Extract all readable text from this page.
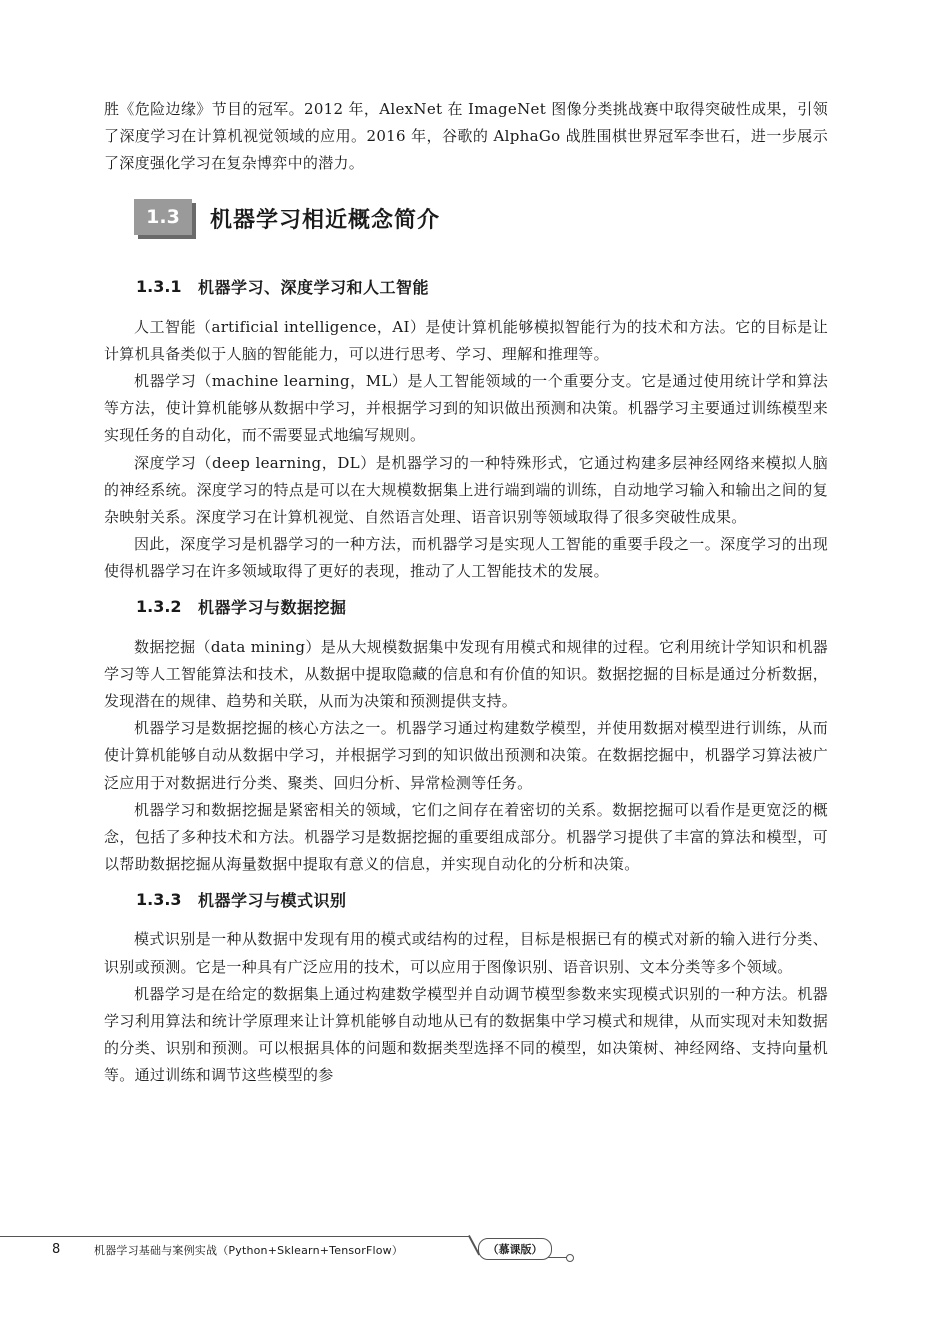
胜《危险边缘》节目的冠军。2012 年，AlexNet 在 ImageNet 图像分类挑战赛中取得突破性成果，引领了深度学习在计算机视觉领域的应用。2016 年，谷歌的 AlphaGo 战胜围棋世界冠军李世石，进一步展示了深度强化学习在复杂博弈中的潜力。

1.3	机器学习相近概念简介
1.3.1	机器学习、深度学习和人工智能

人工智能（artificial intelligence，AI）是使计算机能够模拟智能行为的技术和方法。它的目标是让计算机具备类似于人脑的智能能力，可以进行思考、学习、理解和推理等。

机器学习（machine learning，ML）是人工智能领域的一个重要分支。它是通过使用统计学和算法等方法，使计算机能够从数据中学习，并根据学习到的知识做出预测和决策。机器学习主要通过训练模型来实现任务的自动化，而不需要显式地编写规则。

深度学习（deep learning，DL）是机器学习的一种特殊形式，它通过构建多层神经网络来模拟人脑的神经系统。深度学习的特点是可以在大规模数据集上进行端到端的训练，自动地学习输入和输出之间的复杂映射关系。深度学习在计算机视觉、自然语言处理、语音识别等领域取得了很多突破性成果。

因此，深度学习是机器学习的一种方法，而机器学习是实现人工智能的重要手段之一。深度学习的出现使得机器学习在许多领域取得了更好的表现，推动了人工智能技术的发展。

1.3.2	机器学习与数据挖掘

数据挖掘（data mining）是从大规模数据集中发现有用模式和规律的过程。它利用统计学知识和机器学习等人工智能算法和技术，从数据中提取隐藏的信息和有价值的知识。数据挖掘的目标是通过分析数据，发现潜在的规律、趋势和关联，从而为决策和预测提供支持。

机器学习是数据挖掘的核心方法之一。机器学习通过构建数学模型，并使用数据对模型进行训练，从而使计算机能够自动从数据中学习，并根据学习到的知识做出预测和决策。在数据挖掘中，机器学习算法被广泛应用于对数据进行分类、聚类、回归分析、异常检测等任务。

机器学习和数据挖掘是紧密相关的领域，它们之间存在着密切的关系。数据挖掘可以看作是更宽泛的概念，包括了多种技术和方法。机器学习是数据挖掘的重要组成部分。机器学习提供了丰富的算法和模型，可以帮助数据挖掘从海量数据中提取有意义的信息，并实现自动化的分析和决策。

1.3.3	机器学习与模式识别

模式识别是一种从数据中发现有用的模式或结构的过程，目标是根据已有的模式对新的输入进行分类、识别或预测。它是一种具有广泛应用的技术，可以应用于图像识别、语音识别、文本分类等多个领域。

机器学习是在给定的数据集上通过构建数学模型并自动调节模型参数来实现模式识别的一种方法。机器学习利用算法和统计学原理来让计算机能够自动地从已有的数据集中学习模式和规律，从而实现对未知数据的分类、识别和预测。可以根据具体的问题和数据类型选择不同的模型，如决策树、神经网络、支持向量机等。通过训练和调节这些模型的参

8	机器学习基础与案例实战（Python+Sklearn+TensorFlow）	（慕课版）
